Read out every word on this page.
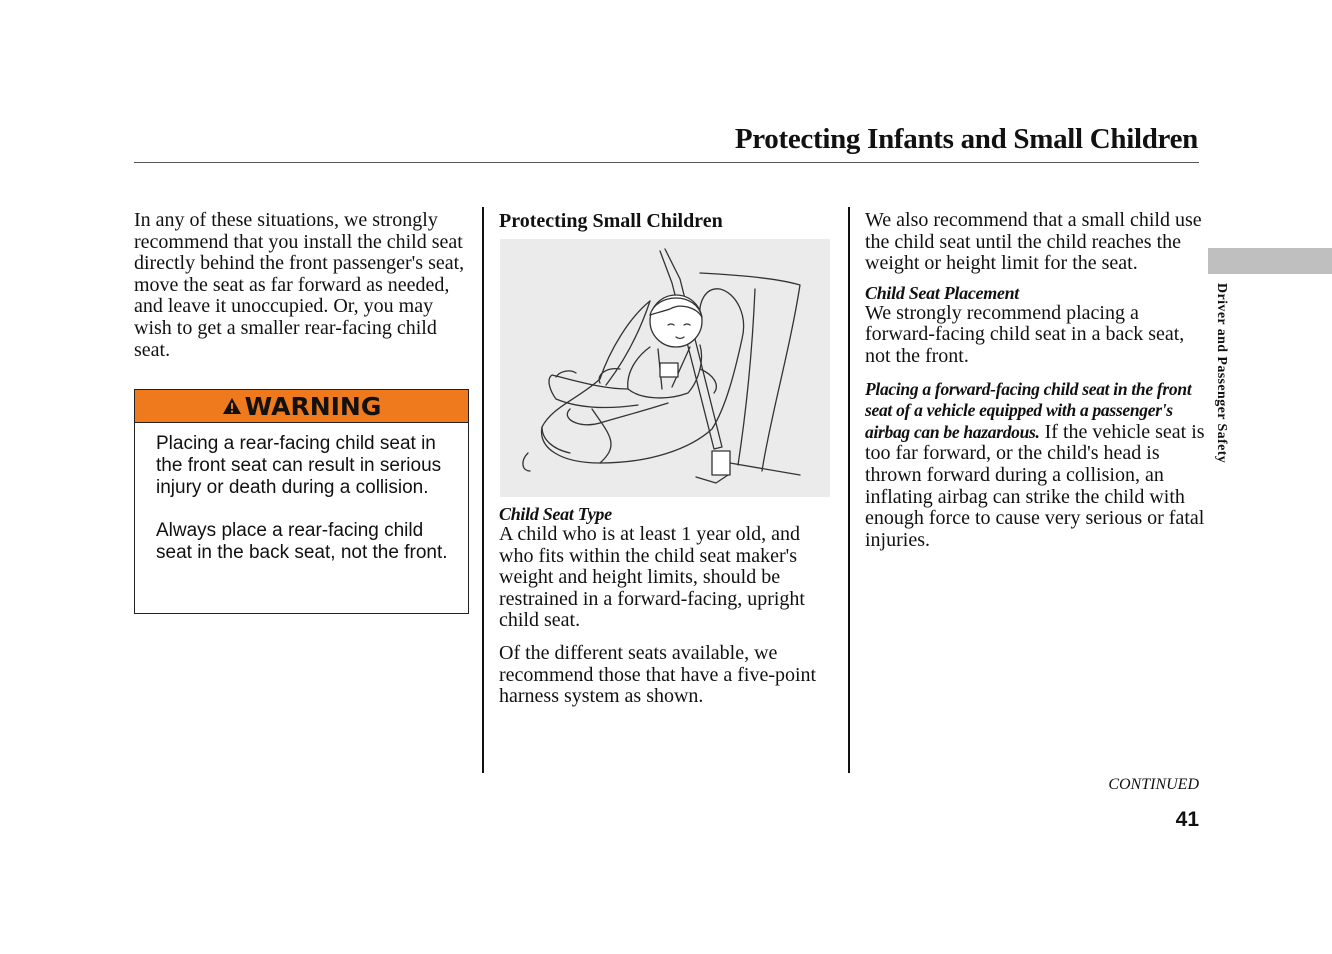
Protecting Infants and Small Children

In any of these situations, we strongly recommend that you install the child seat directly behind the front passenger's seat, move the seat as far forward as needed, and leave it unoccupied. Or, you may wish to get a smaller rear-facing child seat.

WARNING

Placing a rear-facing child seat in the front seat can result in serious injury or death during a collision.

Always place a rear-facing child seat in the back seat, not the front.

Protecting Small Children

Child Seat Type

A child who is at least 1 year old, and who fits within the child seat maker's weight and height limits, should be restrained in a forward-facing, upright child seat.

Of the different seats available, we recommend those that have a five-point harness system as shown.

We also recommend that a small child use the child seat until the child reaches the weight or height limit for the seat.

Child Seat Placement

We strongly recommend placing a forward-facing child seat in a back seat, not the front.

Placing a forward-facing child seat in the front seat of a vehicle equipped with a passenger's airbag can be hazardous. If the vehicle seat is too far forward, or the child's head is thrown forward during a collision, an inflating airbag can strike the child with enough force to cause very serious or fatal injuries.

Driver and Passenger Safety
CONTINUED
41
